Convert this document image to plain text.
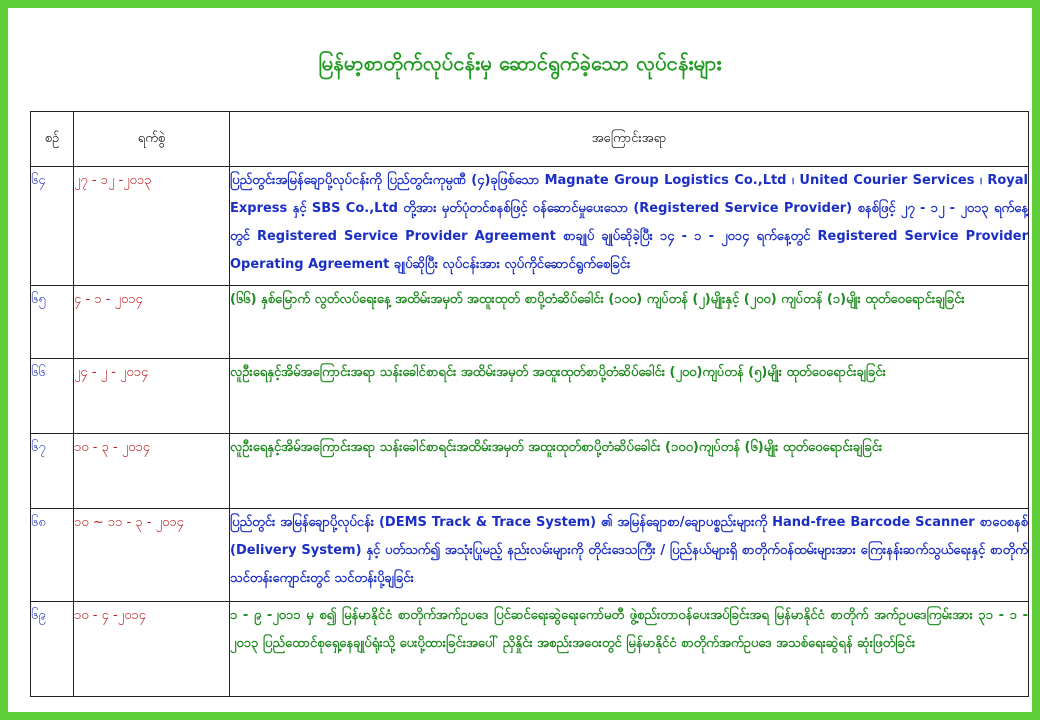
မြန်မာ့စာတိုက်လုပ်ငန်းမှ ဆောင်ရွက်ခဲ့သော လုပ်ငန်းများ
စဉ်	ရက်စွဲ	အကြောင်းအရာ
၆၄	၂၇ - ၁၂ -၂၀၁၃	ပြည်တွင်းအမြန်ချောပို့လုပ်ငန်းကို ပြည်တွင်းကုမ္ပဏီ (၄)ခုဖြစ်သော Magnate Group Logistics Co.,Ltd ၊ United Courier Services ၊ Royal Express နှင့် SBS Co.,Ltd တို့အား မှတ်ပုံတင်စနစ်ဖြင့် ဝန်ဆောင်မှုပေးသော (Registered Service Provider) စနစ်ဖြင့် ၂၇ - ၁၂ - ၂၀၁၃ ရက်နေ့တွင် Registered Service Provider Agreement စာချုပ် ချုပ်ဆိုခဲ့ပြီး ၁၄ - ၁ - ၂၀၁၄ ရက်နေ့တွင် Registered Service Provider Operating Agreement ချုပ်ဆိုပြီး လုပ်ငန်းအား လုပ်ကိုင်ဆောင်ရွက်စေခြင်း
၆၅	၄ - ၁ - ၂၀၁၄	(၆၆) နှစ်မြောက် လွတ်လပ်ရေးနေ့ အထိမ်းအမှတ် အထူးထုတ် စာပို့တံဆိပ်ခေါင်း (၁၀၀) ကျပ်တန် (၂)မျိုးနှင့် (၂၀၀) ကျပ်တန် (၁)မျိုး ထုတ်ဝေရောင်းချခြင်း
၆၆	၂၄ - ၂ - ၂၀၁၄	လူဦးရေနှင့်အိမ်အကြောင်းအရာ သန်းခေါင်စာရင်း အထိမ်းအမှတ် အထူးထုတ်စာပို့တံဆိပ်ခေါင်း (၂၀၀)ကျပ်တန် (၅)မျိုး ထုတ်ဝေရောင်းချခြင်း
၆၇	၁၀ - ၃ - ၂၀၁၄	လူဦးရေနှင့်အိမ်အကြောင်းအရာ သန်းခေါင်စာရင်းအထိမ်းအမှတ် အထူးထုတ်စာပို့တံဆိပ်ခေါင်း (၁၀၀)ကျပ်တန် (၆)မျိုး ထုတ်ဝေရောင်းချခြင်း
၆၈	၁၀ ~ ၁၁ - ၃ - ၂၀၁၄	ပြည်တွင်း အမြန်ချောပို့လုပ်ငန်း (DEMS Track & Trace System) ၏ အမြန်ချောစာ/ချောပစ္စည်းများကို Hand-free Barcode Scanner စာဝေစနစ် (Delivery System) နှင့် ပတ်သက်၍ အသုံးပြုမည့် နည်းလမ်းများကို တိုင်းဒေသကြီး / ပြည်နယ်များရှိ စာတိုက်ဝန်ထမ်းများအား ကြေးနန်းဆက်သွယ်ရေးနှင့် စာတိုက်သင်တန်းကျောင်းတွင် သင်တန်းပို့ချခြင်း
၆၉	၁၀ - ၄ -၂၀၁၄	၁ - ၉ -၂၀၁၁ မှ စ၍ မြန်မာနိုင်ငံ စာတိုက်အက်ဥပဒေ ပြင်ဆင်ရေးဆွဲရေးကော်မတီ ဖွဲ့စည်းတာဝန်ပေးအပ်ခြင်းအရ မြန်မာနိုင်ငံ စာတိုက် အက်ဥပဒေကြမ်းအား ၃၁ - ၁ - ၂၀၁၃ ပြည်ထောင်စုရှေ့နေချုပ်ရုံးသို့ ပေးပို့ထားခြင်းအပေါ် ညှိနှိုင်း အစည်းအဝေးတွင် မြန်မာနိုင်ငံ စာတိုက်အက်ဥပဒေ အသစ်ရေးဆွဲရန် ဆုံးဖြတ်ခြင်း
